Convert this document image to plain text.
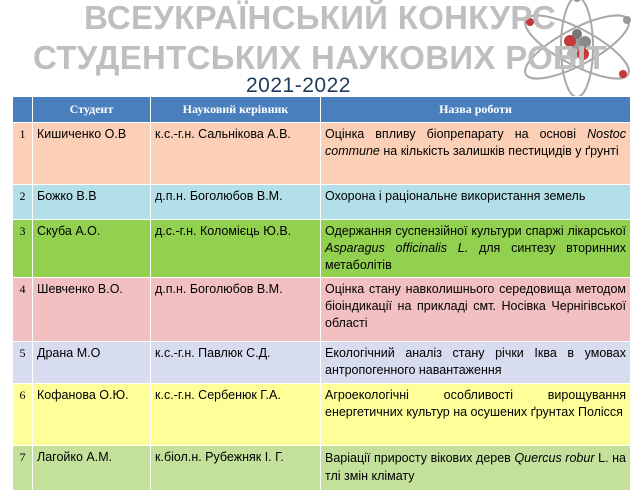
ВСЕУКРАЇНСЬКИЙ КОНКУРС
СТУДЕНТСЬКИХ НАУКОВИХ РОБІТ
2021-2022
	Студент	Науковий керівник	Назва роботи
1	Кишиченко О.В	к.с.-г.н. Сальнікова А.В.	Оцінка впливу біопрепарату на основі Nostoc commune на кількість залишків пестицидів у ґрунті
2	Божко В.В	д.п.н. Боголюбов В.М.	Охорона і раціональне використання земель
3	Скуба А.О.	д.с.-г.н. Коломієць Ю.В.	Одержання суспензійної культури спаржі лікарської Asparagus officinalis L. для синтезу вторинних метаболітів
4	Шевченко В.О.	д.п.н. Боголюбов В.М.	Оцінка стану навколишнього середовища методом біоіндикації на прикладі смт. Носівка Чернігівської області
5	Драна М.О	к.с.-г.н. Павлюк С.Д.	Екологічний аналіз стану річки Іква в умовах антропогенного навантаження
6	Кофанова О.Ю.	к.с.-г.н. Сербенюк Г.А.	Агроекологічні особливості вирощування енергетичних культур на осушених ґрунтах Полісся
7	Лагойко А.М.	к.біол.н. Рубежняк І. Г.	Варіації приросту вікових дерев Quercus robur L. на тлі змін клімату
